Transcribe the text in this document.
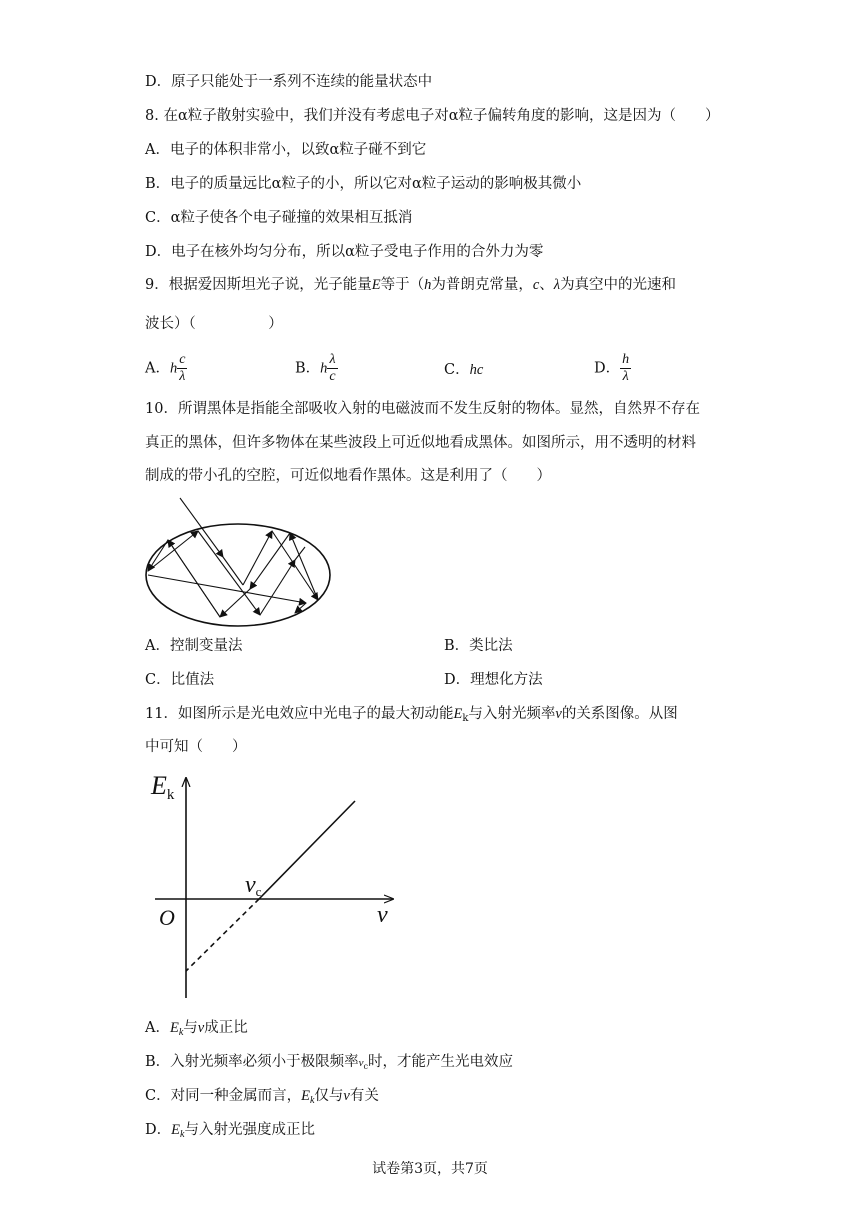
D．原子只能处于一系列不连续的能量状态中
8. 在α粒子散射实验中，我们并没有考虑电子对α粒子偏转角度的影响，这是因为（　　）
A．电子的体积非常小，以致α粒子碰不到它
B．电子的质量远比α粒子的小，所以它对α粒子运动的影响极其微小
C．α粒子使各个电子碰撞的效果相互抵消
D．电子在核外均匀分布，所以α粒子受电子作用的合外力为零
9．根据爱因斯坦光子说，光子能量E等于（h为普朗克常量，c、λ为真空中的光速和
波长）（　　　　　）
A．h $\frac{c}{\lambda}$	B．h $\frac{\lambda}{c}$	C．hc	D． $\frac{h}{\lambda}$
10．所谓黑体是指能全部吸收入射的电磁波而不发生反射的物体。显然，自然界不存在
真正的黑体，但许多物体在某些波段上可近似地看成黑体。如图所示，用不透明的材料
制成的带小孔的空腔，可近似地看作黑体。这是利用了（　　）
A．控制变量法	B．类比法
C．比值法	D．理想化方法
11．如图所示是光电效应中光电子的最大初动能$E_k$与入射光频率ν的关系图像。从图
中可知（　　）
Ek
ν
O
νc
A．$E_k$与ν成正比
B．入射光频率必须小于极限频率$\nu_c$时，才能产生光电效应
C．对同一种金属而言，$E_k$仅与ν有关
D．$E_k$与入射光强度成正比
试卷第3页，共7页
